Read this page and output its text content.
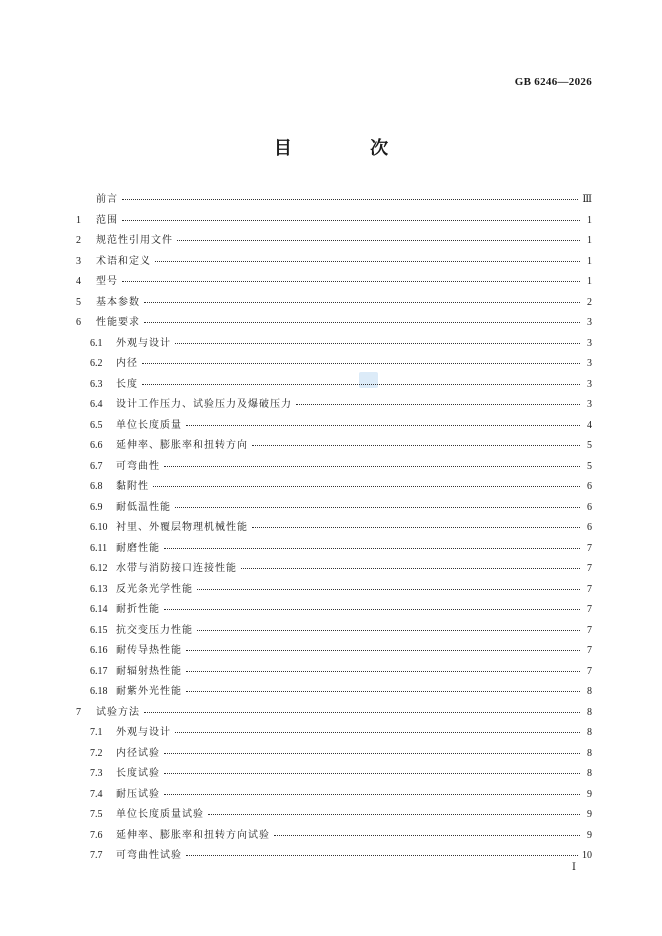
GB 6246—2026
目 次
前言	Ⅲ
1	范围	1
2	规范性引用文件	1
3	术语和定义	1
4	型号	1
5	基本参数	2
6	性能要求	3
6.1	外观与设计	3
6.2	内径	3
6.3	长度	3
6.4	设计工作压力、试验压力及爆破压力	3
6.5	单位长度质量	4
6.6	延伸率、膨胀率和扭转方向	5
6.7	可弯曲性	5
6.8	黏附性	6
6.9	耐低温性能	6
6.10 衬里、外覆层物理机械性能	6
6.11 耐磨性能	7
6.12 水带与消防接口连接性能	7
6.13 反光条光学性能	7
6.14 耐折性能	7
6.15 抗交变压力性能	7
6.16 耐传导热性能	7
6.17 耐辐射热性能	7
6.18 耐紫外光性能	8
7	试验方法	8
7.1	外观与设计	8
7.2	内径试验	8
7.3	长度试验	8
7.4	耐压试验	9
7.5	单位长度质量试验	9
7.6	延伸率、膨胀率和扭转方向试验	9
7.7	可弯曲性试验	10
Ⅰ
